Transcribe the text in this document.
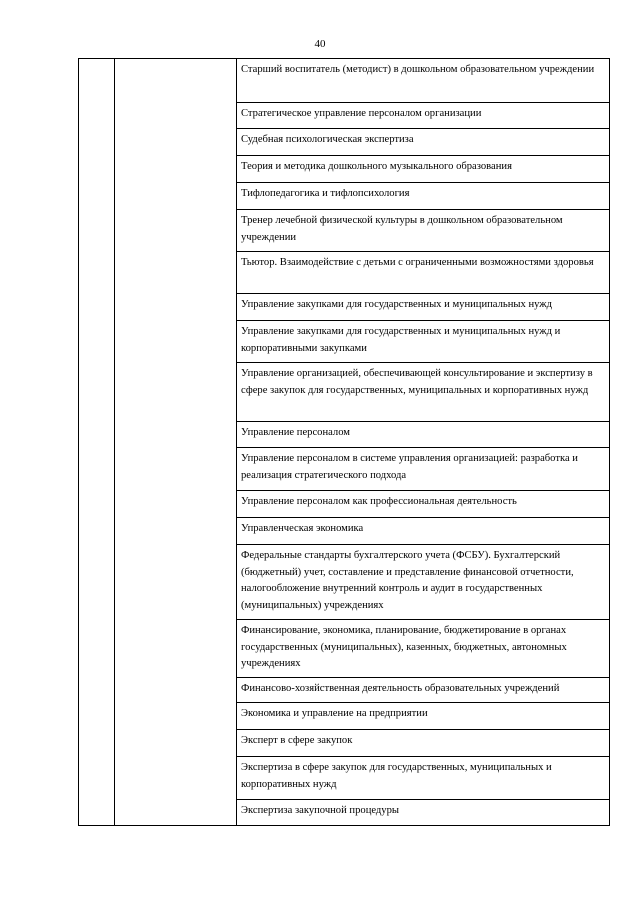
40

Старший воспитатель (методист) в дошкольном образовательном учреждении
Стратегическое управление персоналом организации
Судебная психологическая экспертиза
Теория и методика дошкольного музыкального образования
Тифлопедагогика и тифлопсихология
Тренер лечебной физической культуры в дошкольном образовательном учреждении
Тьютор. Взаимодействие с детьми с ограниченными возможностями здоровья
Управление закупками для государственных и муниципальных нужд
Управление закупками для государственных и муниципальных нужд и корпоративными закупками
Управление организацией, обеспечивающей консультирование и экспертизу в сфере закупок для государственных, муниципальных и корпоративных нужд
Управление персоналом
Управление персоналом в системе управления организацией: разработка и реализация стратегического подхода
Управление персоналом как профессиональная деятельность
Управленческая экономика
Федеральные стандарты бухгалтерского учета (ФСБУ). Бухгалтерский (бюджетный) учет, составление и представление финансовой отчетности, налогообложение внутренний контроль и аудит в государственных (муниципальных) учреждениях
Финансирование, экономика, планирование, бюджетирование в органах государственных (муниципальных), казенных, бюджетных, автономных учреждениях
Финансово-хозяйственная деятельность образовательных учреждений
Экономика и управление на предприятии
Эксперт в сфере закупок
Экспертиза в сфере закупок для государственных, муниципальных и корпоративных нужд
Экспертиза закупочной процедуры
